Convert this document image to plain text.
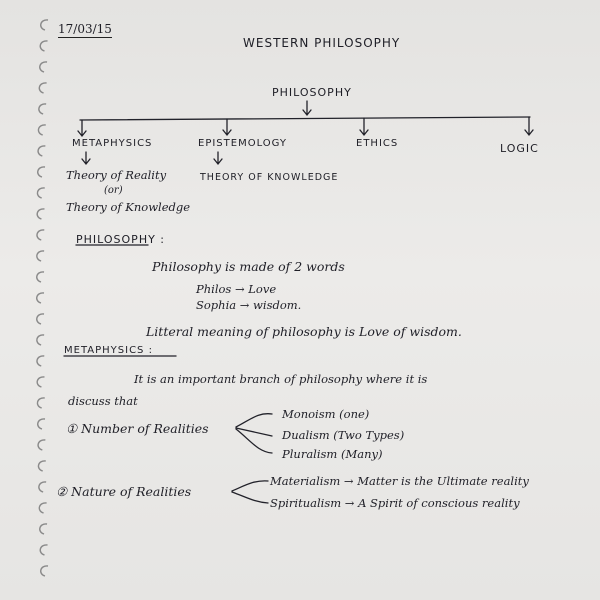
17/03/15
WESTERN PHILOSOPHY
PHILOSOPHY
METAPHYSICS	EPISTEMOLOGY	ETHICS	LOGIC
Theory of Reality
(or)
Theory of Knowledge
THEORY OF KNOWLEDGE
PHILOSOPHY :
Philosophy is made of 2 words
Philos → Love
Sophia → wisdom.
Litteral meaning of philosophy is Love of wisdom.
METAPHYSICS :
It is an important branch of philosophy where it is
discuss that
① Number of Realities
Monoism (one)
Dualism (Two Types)
Pluralism (Many)
② Nature of Realities
Materialism → Matter is the Ultimate reality
Spiritualism → A Spirit of conscious reality
